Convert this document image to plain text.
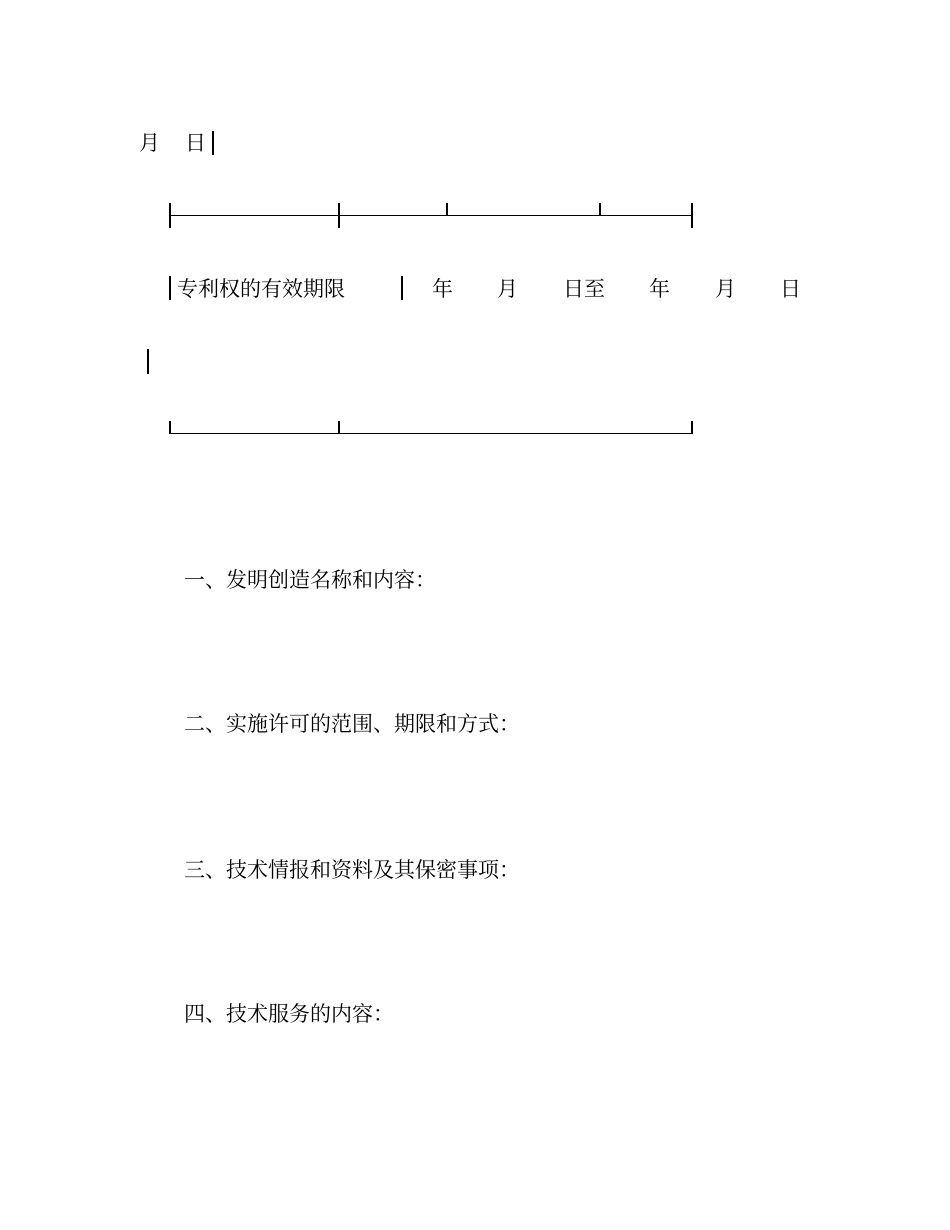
月 日
专利权的有效期限	年 月 日至 年 月 日
一、发明创造名称和内容：
二、实施许可的范围、期限和方式：
三、技术情报和资料及其保密事项：
四、技术服务的内容：
